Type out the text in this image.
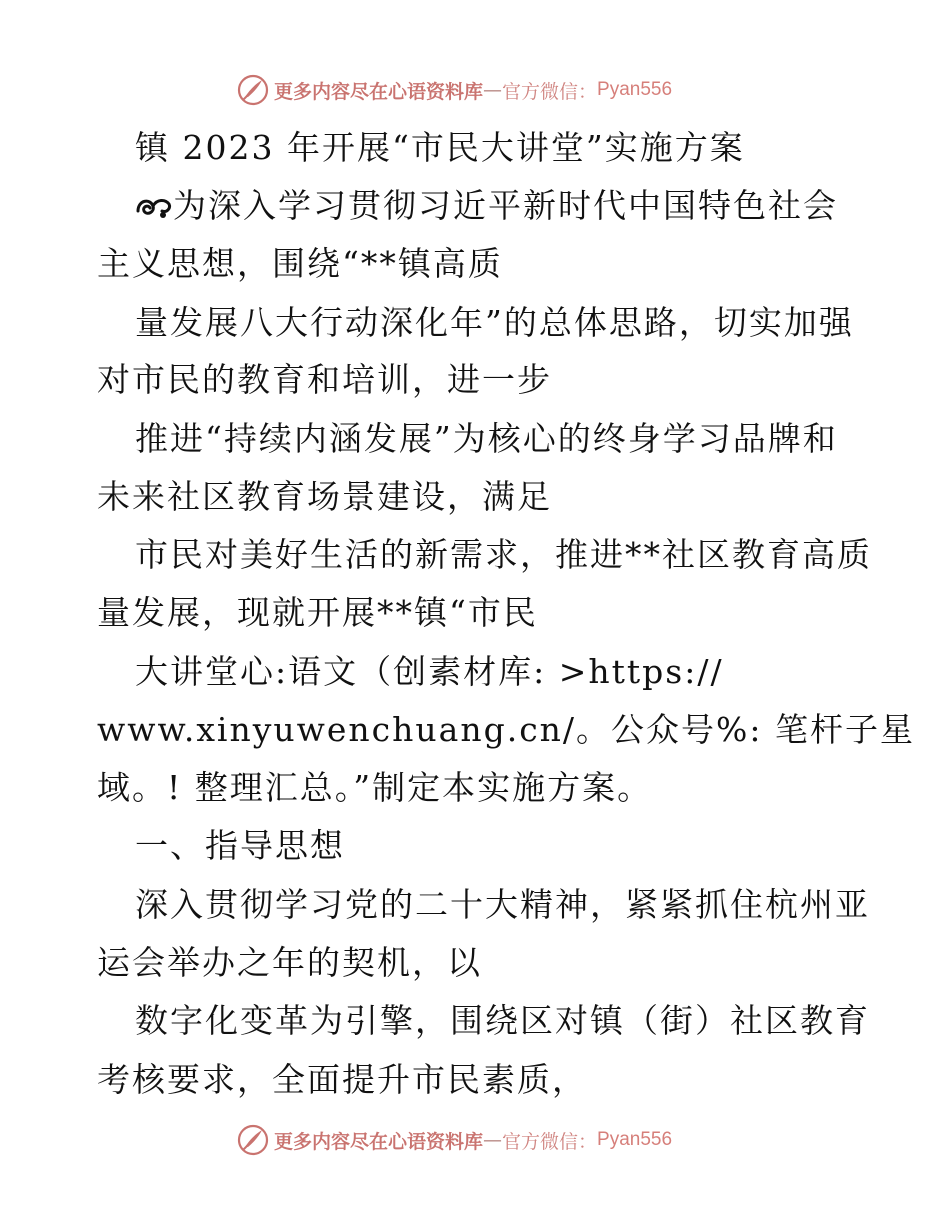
更多内容尽在心语资料库 — 官方微信： Pyan556
镇 2023 年开展“市民大讲堂”实施方案
为深入学习贯彻习近平新时代中国特色社会
主义思想，围绕“**镇高质
量发展八大行动深化年”的总体思路，切实加强
对市民的教育和培训，进一步
推进“持续内涵发展”为核心的终身学习品牌和
未来社区教育场景建设，满足
市民对美好生活的新需求，推进**社区教育高质
量发展，现就开展**镇“市民
大讲堂心:语文（创素材库: >https://
www.xinyuwenchuang.cn/。公众号%: 笔杆子星
域。! 整理汇总。”制定本实施方案。
一、指导思想
深入贯彻学习党的二十大精神，紧紧抓住杭州亚
运会举办之年的契机，以
数字化变革为引擎，围绕区对镇（街）社区教育
考核要求，全面提升市民素质，
更多内容尽在心语资料库 — 官方微信： Pyan556
